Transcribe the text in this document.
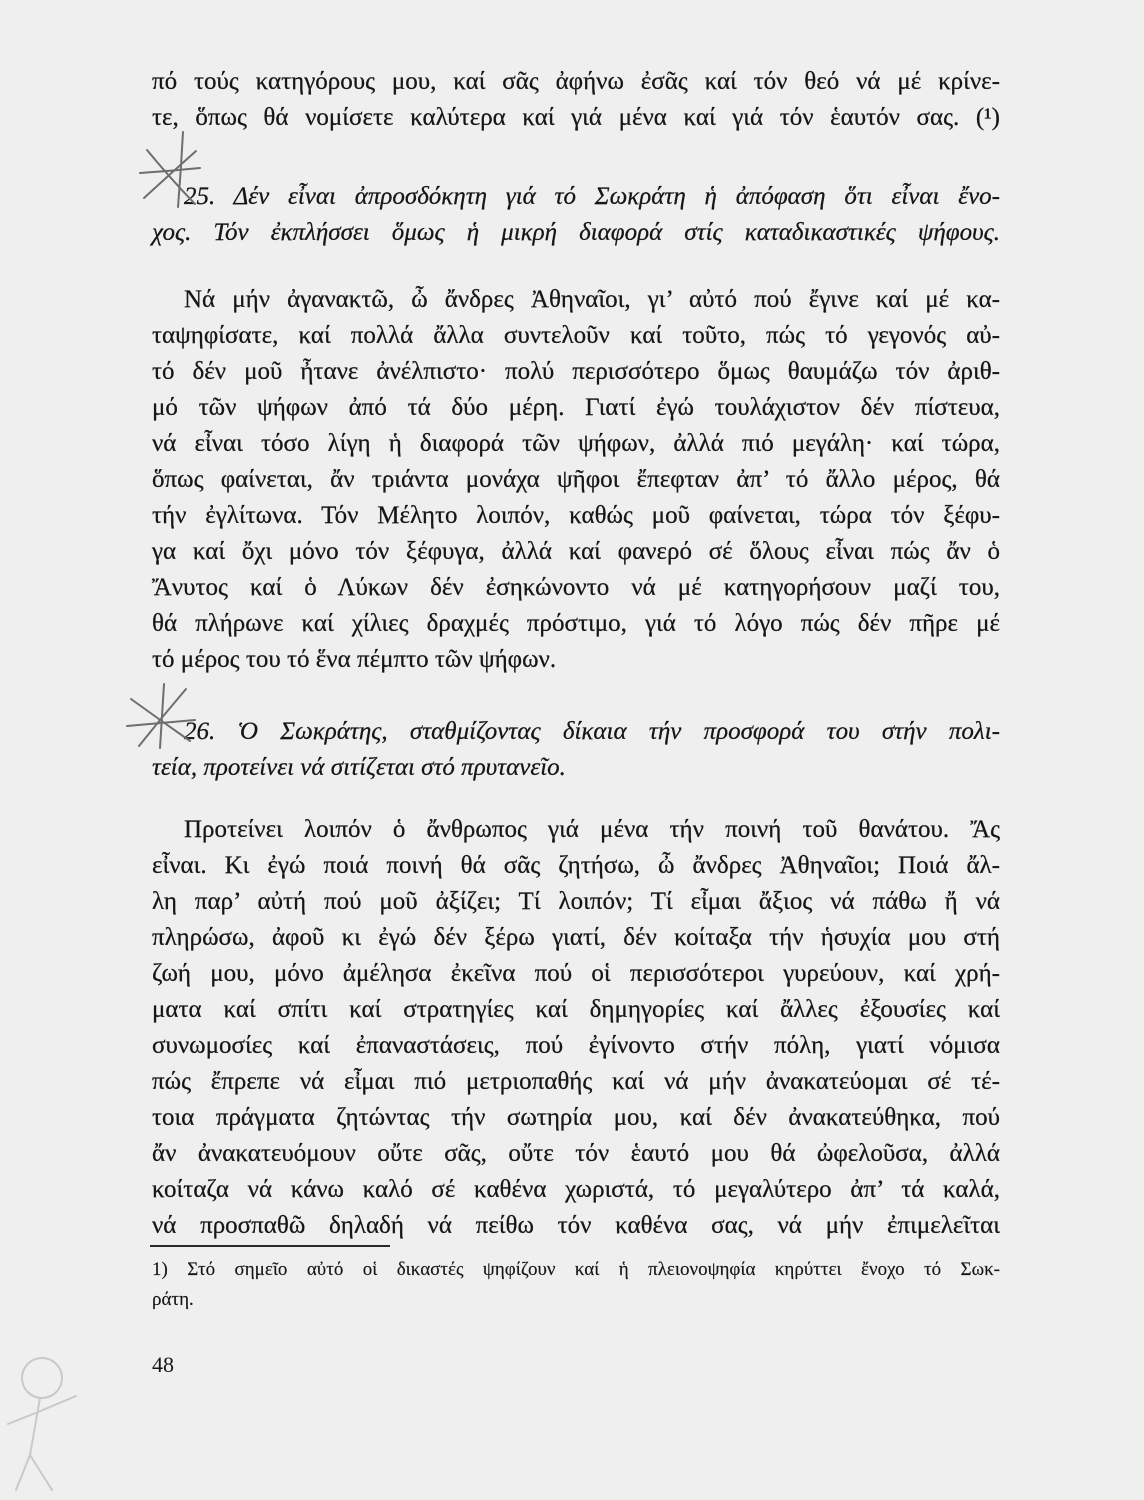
πό τούς κατηγόρους μου, καί σᾶς ἀφήνω ἐσᾶς καί τόν θεό νά μέ κρίνε-
τε, ὅπως θά νομίσετε καλύτερα καί γιά μένα καί γιά τόν ἑαυτόν σας. (¹)
25. Δέν εἶναι ἀπροσδόκητη γιά τό Σωκράτη ἡ ἀπόφαση ὅτι εἶναι ἔνο-
χος. Τόν ἐκπλήσσει ὅμως ἡ μικρή διαφορά στίς καταδικαστικές ψήφους.
Νά μήν ἀγανακτῶ, ὦ ἄνδρες Ἀθηναῖοι, γι’ αὐτό πού ἔγινε καί μέ κα-
ταψηφίσατε, καί πολλά ἄλλα συντελοῦν καί τοῦτο, πώς τό γεγονός αὐ-
τό δέν μοῦ ἦτανε ἀνέλπιστο· πολύ περισσότερο ὅμως θαυμάζω τόν ἀριθ-
μό τῶν ψήφων ἀπό τά δύο μέρη. Γιατί ἐγώ τουλάχιστον δέν πίστευα,
νά εἶναι τόσο λίγη ἡ διαφορά τῶν ψήφων, ἀλλά πιό μεγάλη· καί τώρα,
ὅπως φαίνεται, ἄν τριάντα μονάχα ψῆφοι ἔπεφταν ἀπ’ τό ἄλλο μέρος, θά
τήν ἐγλίτωνα. Τόν Μέλητο λοιπόν, καθώς μοῦ φαίνεται, τώρα τόν ξέφυ-
γα καί ὄχι μόνο τόν ξέφυγα, ἀλλά καί φανερό σέ ὅλους εἶναι πώς ἄν ὁ
Ἄνυτος καί ὁ Λύκων δέν ἐσηκώνοντο νά μέ κατηγορήσουν μαζί του,
θά πλήρωνε καί χίλιες δραχμές πρόστιμο, γιά τό λόγο πώς δέν πῆρε μέ
τό μέρος του τό ἕνα πέμπτο τῶν ψήφων.
26. Ὁ Σωκράτης, σταθμίζοντας δίκαια τήν προσφορά του στήν πολι-
τεία, προτείνει νά σιτίζεται στό πρυτανεῖο.
Προτείνει λοιπόν ὁ ἄνθρωπος γιά μένα τήν ποινή τοῦ θανάτου. Ἄς
εἶναι. Κι ἐγώ ποιά ποινή θά σᾶς ζητήσω, ὦ ἄνδρες Ἀθηναῖοι; Ποιά ἄλ-
λη παρ’ αὐτή πού μοῦ ἀξίζει; Τί λοιπόν; Τί εἶμαι ἄξιος νά πάθω ἤ νά
πληρώσω, ἀφοῦ κι ἐγώ δέν ξέρω γιατί, δέν κοίταξα τήν ἡσυχία μου στή
ζωή μου, μόνο ἀμέλησα ἐκεῖνα πού οἱ περισσότεροι γυρεύουν, καί χρή-
ματα καί σπίτι καί στρατηγίες καί δημηγορίες καί ἄλλες ἐξουσίες καί
συνωμοσίες καί ἐπαναστάσεις, πού ἐγίνοντο στήν πόλη, γιατί νόμισα
πώς ἔπρεπε νά εἶμαι πιό μετριοπαθής καί νά μήν ἀνακατεύομαι σέ τέ-
τοια πράγματα ζητώντας τήν σωτηρία μου, καί δέν ἀνακατεύθηκα, πού
ἄν ἀνακατευόμουν οὔτε σᾶς, οὔτε τόν ἑαυτό μου θά ὠφελοῦσα, ἀλλά
κοίταζα νά κάνω καλό σέ καθένα χωριστά, τό μεγαλύτερο ἀπ’ τά καλά,
νά προσπαθῶ δηλαδή νά πείθω τόν καθένα σας, νά μήν ἐπιμελεῖται
1) Στό σημεῖο αὐτό οἱ δικαστές ψηφίζουν καί ἡ πλειονοψηφία κηρύττει ἔνοχο τό Σωκ-
ράτη.
48
